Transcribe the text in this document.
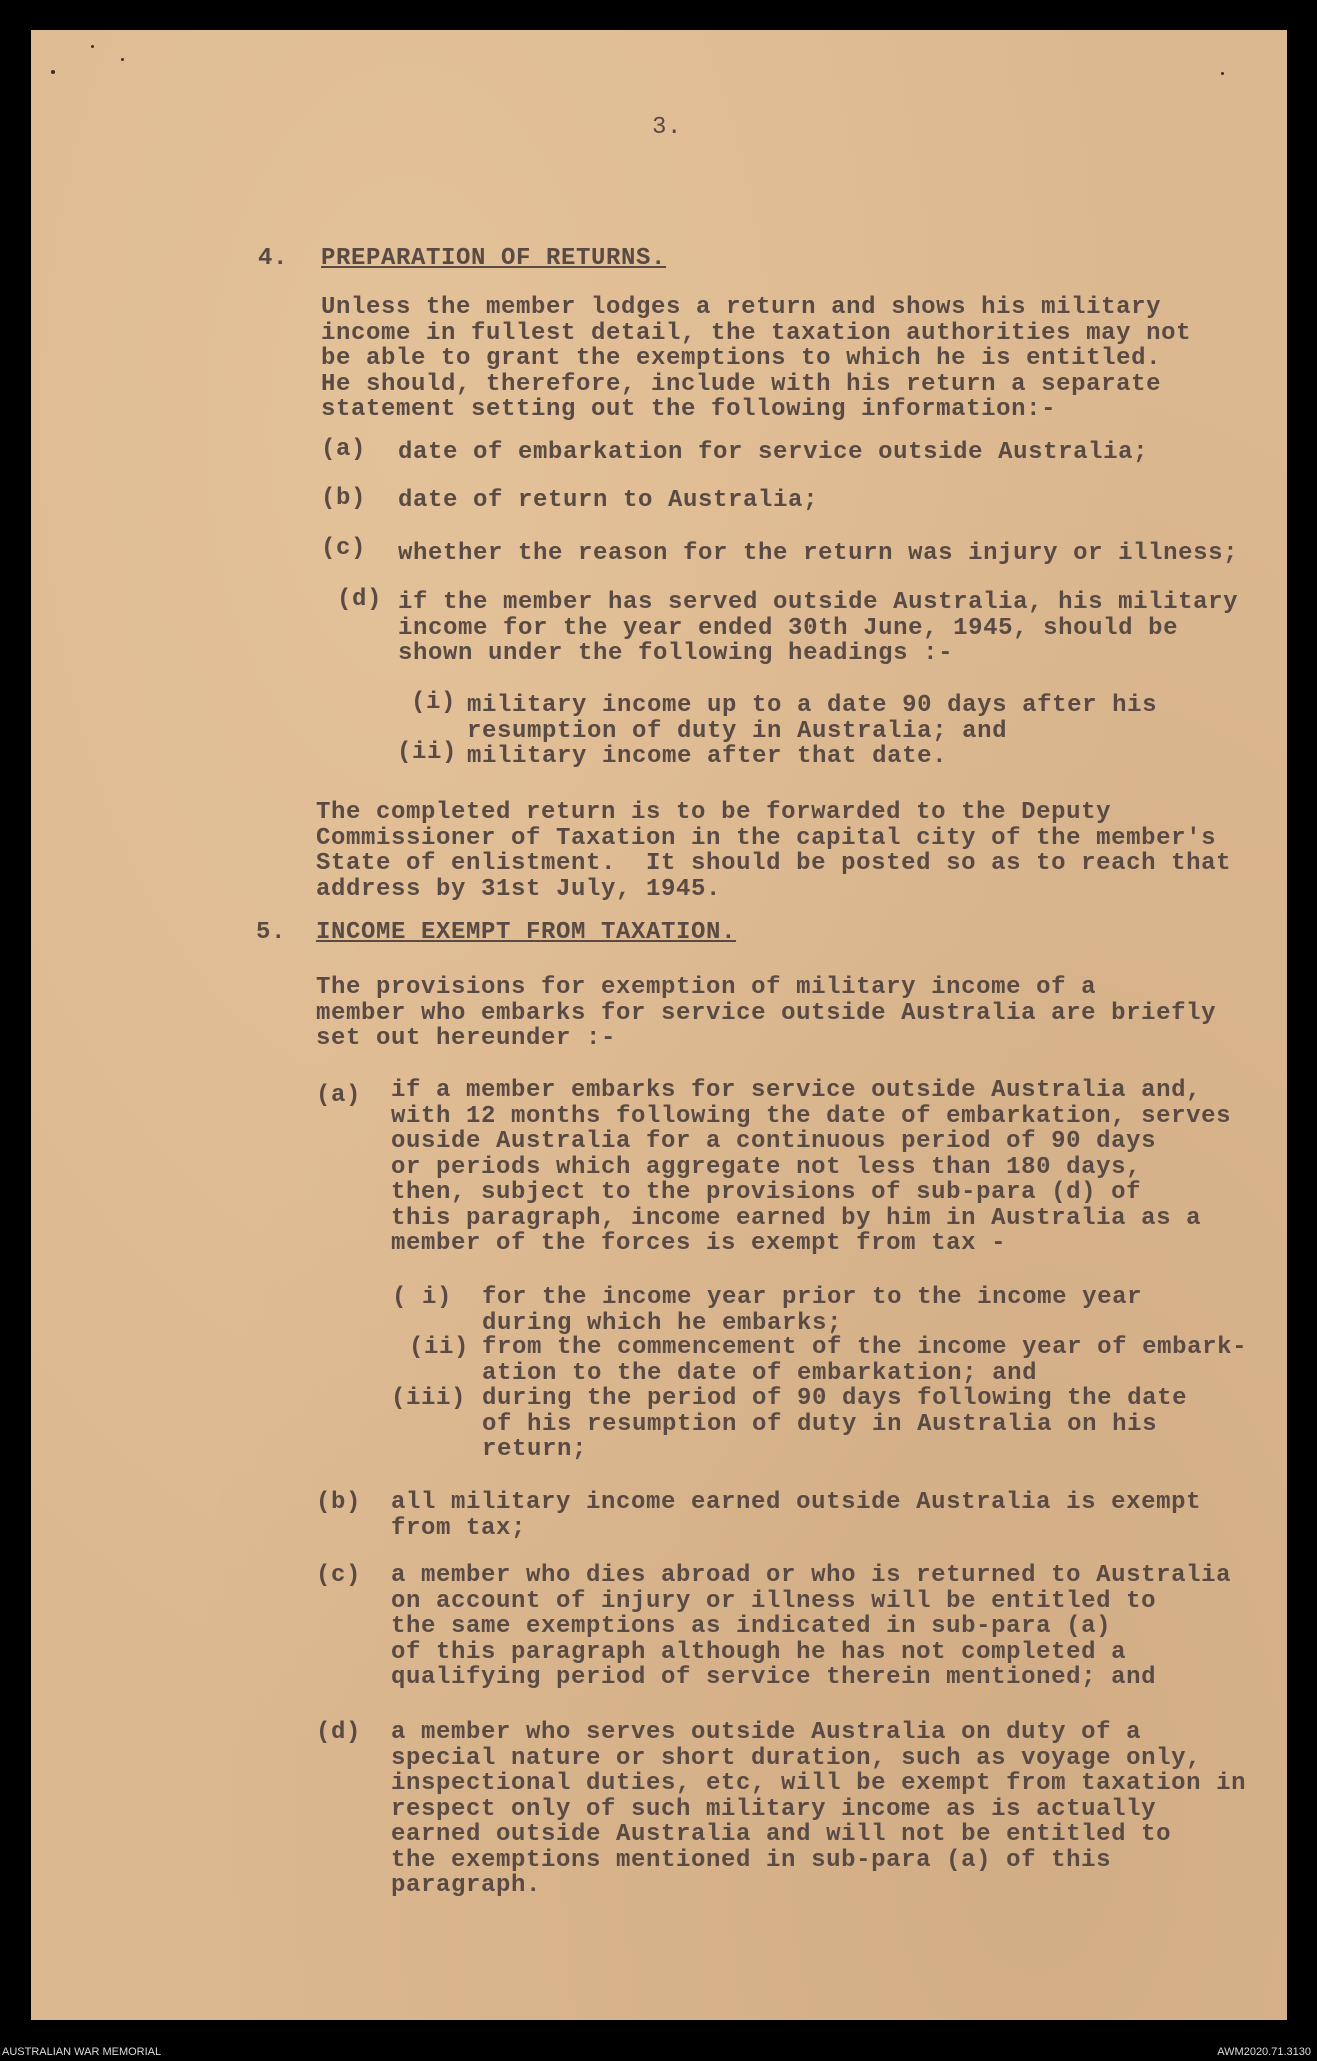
3.
4. PREPARATION OF RETURNS.
Unless the member lodges a return and shows his military
income in fullest detail, the taxation authorities may not
be able to grant the exemptions to which he is entitled.
He should, therefore, include with his return a separate
statement setting out the following information:-
(a) date of embarkation for service outside Australia;
(b) date of return to Australia;
(c) whether the reason for the return was injury or illness;
(d) if the member has served outside Australia, his military
income for the year ended 30th June, 1945, should be
shown under the following headings :-
(i) military income up to a date 90 days after his
resumption of duty in Australia; and
(ii) military income after that date.
The completed return is to be forwarded to the Deputy
Commissioner of Taxation in the capital city of the member's
State of enlistment.  It should be posted so as to reach that
address by 31st July, 1945.
5. INCOME EXEMPT FROM TAXATION.
The provisions for exemption of military income of a
member who embarks for service outside Australia are briefly
set out hereunder :-
(a) if a member embarks for service outside Australia and,
with 12 months following the date of embarkation, serves
ouside Australia for a continuous period of 90 days
or periods which aggregate not less than 180 days,
then, subject to the provisions of sub-para (d) of
this paragraph, income earned by him in Australia as a
member of the forces is exempt from tax -
( i) for the income year prior to the income year
during which he embarks;
(ii) from the commencement of the income year of embark-
ation to the date of embarkation; and
(iii) during the period of 90 days following the date
of his resumption of duty in Australia on his
return;
(b) all military income earned outside Australia is exempt
from tax;
(c) a member who dies abroad or who is returned to Australia
on account of injury or illness will be entitled to
the same exemptions as indicated in sub-para (a)
of this paragraph although he has not completed a
qualifying period of service therein mentioned; and
(d) a member who serves outside Australia on duty of a
special nature or short duration, such as voyage only,
inspectional duties, etc, will be exempt from taxation in
respect only of such military income as is actually
earned outside Australia and will not be entitled to
the exemptions mentioned in sub-para (a) of this
paragraph.
AUSTRALIAN WAR MEMORIAL	AWM2020.71.3130
